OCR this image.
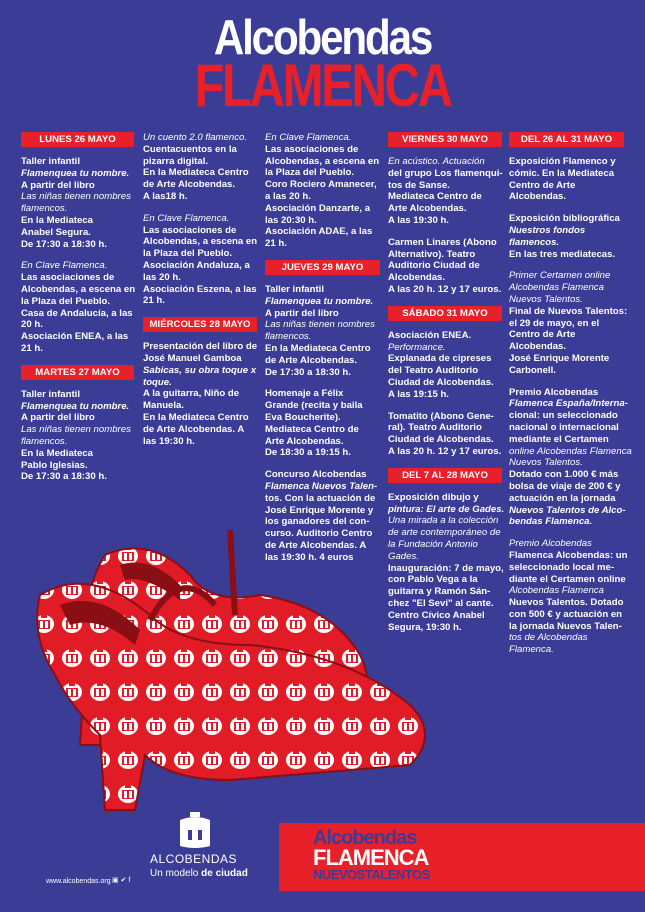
Alcobendas
FLAMENCA
LUNES 26 MAYO
Taller infantil
Flamenquea tu nombre.
A partir del libro
Las niñas tienen nombres
flamencos.
En la Mediateca
Anabel Segura.
De 17:30 a 18:30 h.
En Clave Flamenca.
Las asociaciones de
Alcobendas, a escena en
la Plaza del Pueblo.
Casa de Andalucía, a las
20 h.
Asociación ENEA, a las
21 h.
MARTES 27 MAYO
Taller infantil
Flamenquea tu nombre.
A partir del libro
Las niñas tienen nombres
flamencos.
En la Mediateca
Pablo Iglesias.
De 17:30 a 18:30 h.
Un cuento 2.0 flamenco.
Cuentacuentos en la
pizarra digital.
En la Mediateca Centro
de Arte Alcobendas.
A las18 h.
En Clave Flamenca.
Las asociaciones de
Alcobendas, a escena en
la Plaza del Pueblo.
Asociación Andaluza, a
las 20 h.
Asociación Eszena, a las
21 h.
MIÉRCOLES 28 MAYO
Presentación del libro de
José Manuel Gamboa
Sabicas, su obra toque x
toque.
A la guitarra, Niño de
Manuela.
En la Mediateca Centro
de Arte Alcobendas. A
las 19:30 h.
En Clave Flamenca.
Las asociaciones de
Alcobendas, a escena en
la Plaza del Pueblo.
Coro Rociero Amanecer,
a las 20 h.
Asociación Danzarte, a
las 20:30 h.
Asociación ADAE, a las
21 h.
JUEVES 29 MAYO
Taller infantil
Flamenquea tu nombre.
A partir del libro
Las niñas tienen nombres
flamencos.
En la Mediateca Centro
de Arte Alcobendas.
De 17:30 a 18:30 h.
Homenaje a Félix
Grande (recita y baila
Eva Boucherite).
Mediateca Centro de
Arte Alcobendas.
De 18:30 a 19:15 h.
Concurso Alcobendas
Flamenca Nuevos Talen-
tos. Con la actuación de
José Enrique Morente y
los ganadores del con-
curso. Auditorio Centro
de Arte Alcobendas. A
las 19:30 h. 4 euros
VIERNES 30 MAYO
En acústico. Actuación
del grupo Los flamenqui-
tos de Sanse.
Mediateca Centro de
Arte Alcobendas.
A las 19:30 h.
Carmen Linares (Abono
Alternativo). Teatro
Auditorio Ciudad de
Alcobendas.
A las 20 h. 12 y 17 euros.
SÁBADO 31 MAYO
Asociación ENEA.
Performance.
Explanada de cipreses
del Teatro Auditorio
Ciudad de Alcobendas.
A las 19:15 h.
Tomatito (Abono Gene-
ral). Teatro Auditorio
Ciudad de Alcobendas.
A las 20 h. 12 y 17 euros.
DEL 7 AL 28 MAYO
Exposición dibujo y
pintura: El arte de Gades.
Una mirada a la colección
de arte contemporáneo de
la Fundación Antonio
Gades.
Inauguración: 7 de mayo,
con Pablo Vega a la
guitarra y Ramón Sán-
chez "El Sevi" al cante.
Centro Cívico Anabel
Segura, 19:30 h.
DEL 26 AL 31 MAYO
Exposición Flamenco y
cómic. En la Mediateca
Centro de Arte
Alcobendas.
Exposición bibliográfica
Nuestros fondos
flamencos.
En las tres mediatecas.
Primer Certamen online
Alcobendas Flamenca
Nuevos Talentos.
Final de Nuevos Talentos:
el 29 de mayo, en el
Centro de Arte
Alcobendas.
José Enrique Morente
Carbonell.
Premio Alcobendas
Flamenca España/Interna-
cional: un seleccionado
nacional o internacional
mediante el Certamen
online Alcobendas Flamenca
Nuevos Talentos.
Dotado con 1.000 € más
bolsa de viaje de 200 € y
actuación en la jornada
Nuevos Talentos de Alco-
bendas Flamenca.
Premio Alcobendas
Flamenca Alcobendas: un
seleccionado local me-
diante el Certamen online
Alcobendas Flamenca
Nuevos Talentos. Dotado
con 500 € y actuación en
la jornada Nuevos Talen-
tos de Alcobendas
Flamenca.
ALCOBENDAS
Un modelo de ciudad
www.alcobendas.org ▣ ✔ f
Alcobendas
FLAMENCA
NUEVOSTALENTOS
